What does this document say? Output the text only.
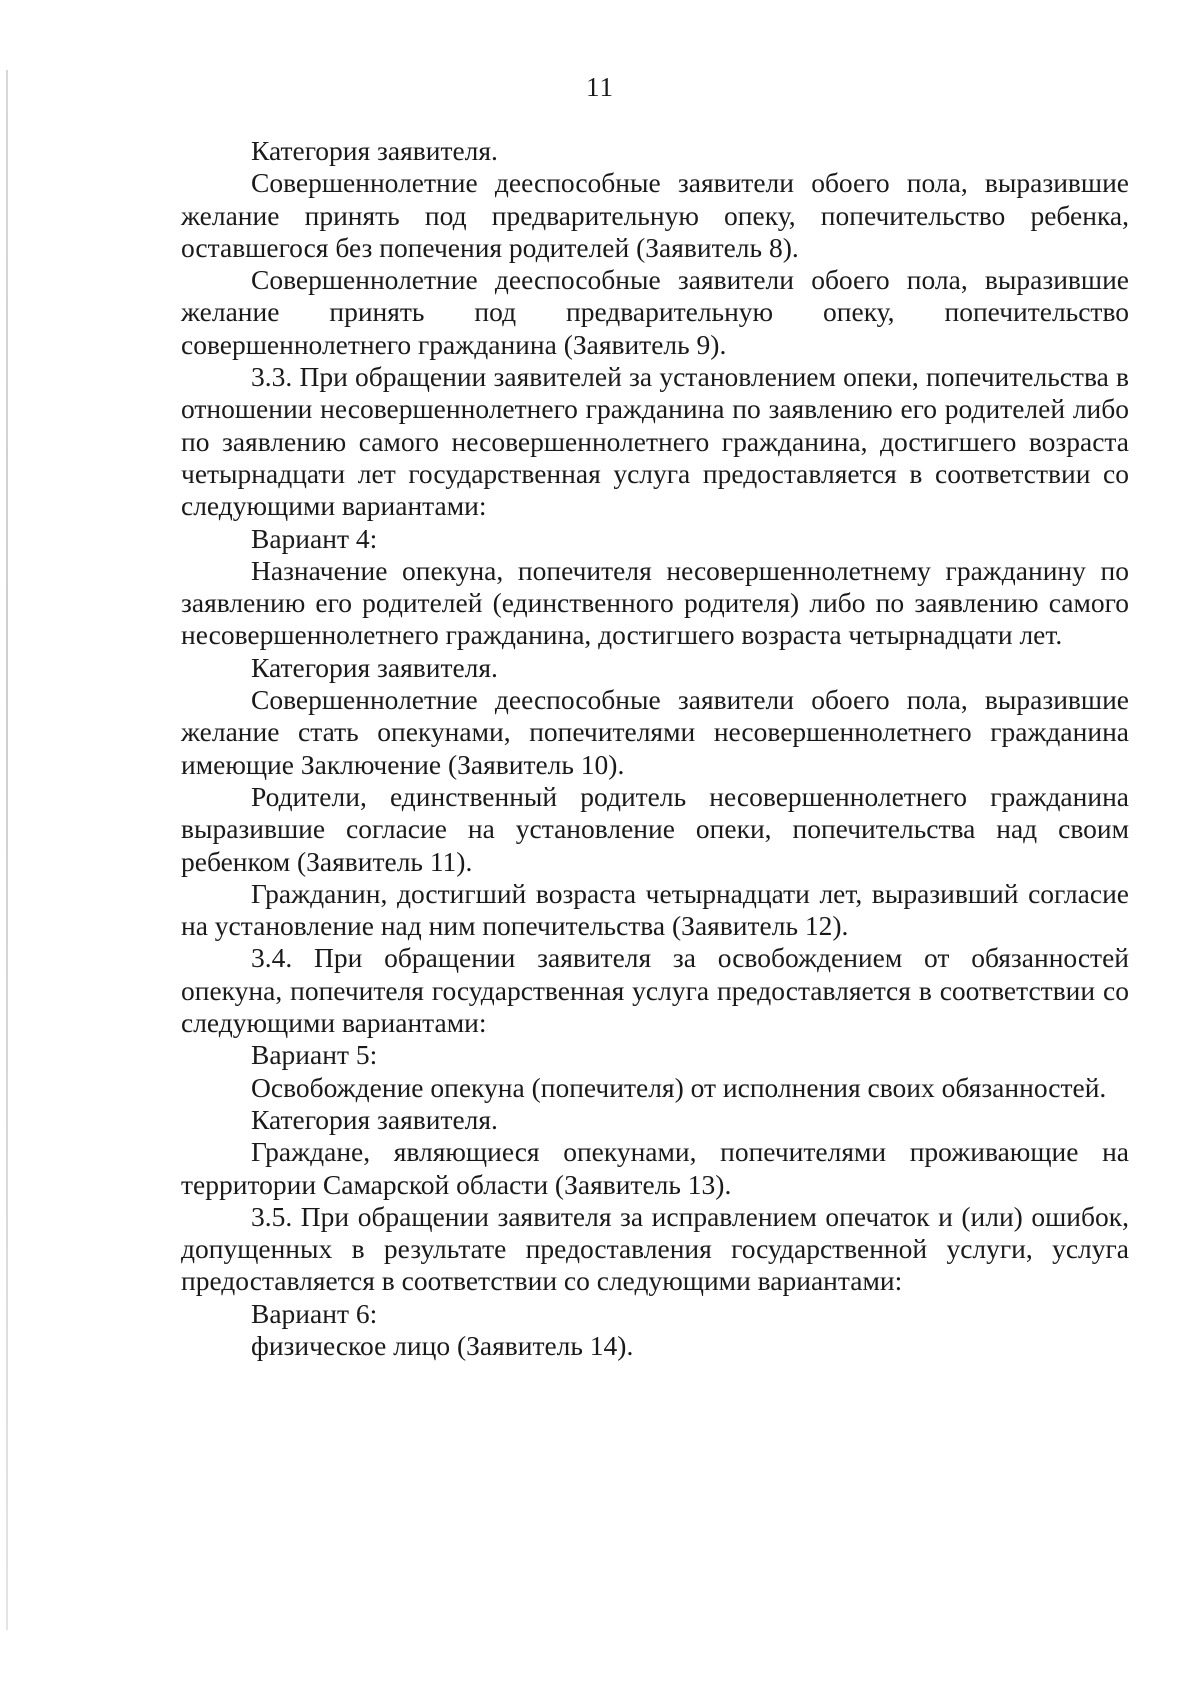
11

Категория заявителя.

Совершеннолетние дееспособные заявители обоего пола, выразившие желание принять под предварительную опеку, попечительство ребенка, оставшегося без попечения родителей (Заявитель 8).

Совершеннолетние дееспособные заявители обоего пола, выразившие желание принять под предварительную опеку, попечительство совершеннолетнего гражданина (Заявитель 9).

3.3. При обращении заявителей за установлением опеки, попечительства в отношении несовершеннолетнего гражданина по заявлению его родителей либо по заявлению самого несовершеннолетнего гражданина, достигшего возраста четырнадцати лет государственная услуга предоставляется в соответствии со следующими вариантами:

Вариант 4:

Назначение опекуна, попечителя несовершеннолетнему гражданину по заявлению его родителей (единственного родителя) либо по заявлению самого несовершеннолетнего гражданина, достигшего возраста четырнадцати лет.

Категория заявителя.

Совершеннолетние дееспособные заявители обоего пола, выразившие желание стать опекунами, попечителями несовершеннолетнего гражданина имеющие Заключение (Заявитель 10).

Родители, единственный родитель несовершеннолетнего гражданина выразившие согласие на установление опеки, попечительства над своим ребенком (Заявитель 11).

Гражданин, достигший возраста четырнадцати лет, выразивший согласие на установление над ним попечительства (Заявитель 12).

3.4. При обращении заявителя за освобождением от обязанностей опекуна, попечителя государственная услуга предоставляется в соответствии со следующими вариантами:

Вариант 5:

Освобождение опекуна (попечителя) от исполнения своих обязанностей.

Категория заявителя.

Граждане, являющиеся опекунами, попечителями проживающие на территории Самарской области (Заявитель 13).

3.5. При обращении заявителя за исправлением опечаток и (или) ошибок, допущенных в результате предоставления государственной услуги, услуга предоставляется в соответствии со следующими вариантами:

Вариант 6:

физическое лицо (Заявитель 14).
